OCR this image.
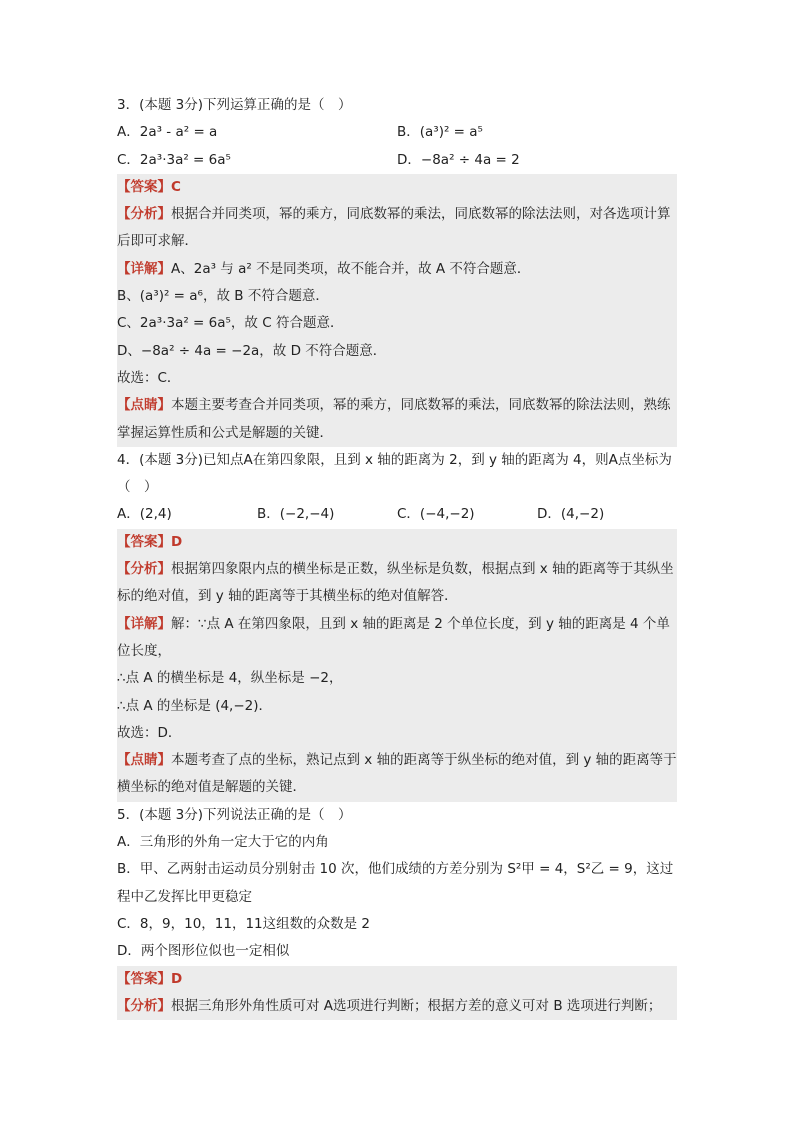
3．(本题 3分)下列运算正确的是（　）
A．2a³ - a² = a	B．(a³)² = a⁵
C．2a³·3a² = 6a⁵	D．−8a² ÷ 4a = 2
【答案】C
【分析】根据合并同类项，幂的乘方，同底数幂的乘法，同底数幂的除法法则，对各选项计算后即可求解．
【详解】A、2a³ 与 a² 不是同类项，故不能合并，故 A 不符合题意．
B、(a³)² = a⁶，故 B 不符合题意．
C、2a³·3a² = 6a⁵，故 C 符合题意．
D、−8a² ÷ 4a = −2a，故 D 不符合题意．
故选：C．
【点睛】本题主要考查合并同类项，幂的乘方，同底数幂的乘法，同底数幂的除法法则，熟练掌握运算性质和公式是解题的关键．
4．(本题 3分)已知点A在第四象限，且到 x 轴的距离为 2，到 y 轴的距离为 4，则A点坐标为（　）
A．(2,4)	B．(−2,−4)	C．(−4,−2)	D．(4,−2)
【答案】D
【分析】根据第四象限内点的横坐标是正数，纵坐标是负数，根据点到 x 轴的距离等于其纵坐标的绝对值，到 y 轴的距离等于其横坐标的绝对值解答．
【详解】解：∵点 A 在第四象限，且到 x 轴的距离是 2 个单位长度，到 y 轴的距离是 4 个单位长度，
∴点 A 的横坐标是 4，纵坐标是 −2，
∴点 A 的坐标是 (4,−2)．
故选：D．
【点睛】本题考查了点的坐标，熟记点到 x 轴的距离等于纵坐标的绝对值，到 y 轴的距离等于横坐标的绝对值是解题的关键．
5．(本题 3分)下列说法正确的是（　）
A．三角形的外角一定大于它的内角
B．甲、乙两射击运动员分别射击 10 次，他们成绩的方差分别为 S²甲 = 4，S²乙 = 9，这过程中乙发挥比甲更稳定
C．8，9，10，11，11这组数的众数是 2
D．两个图形位似也一定相似
【答案】D
【分析】根据三角形外角性质可对 A选项进行判断；根据方差的意义可对 B 选项进行判断；
